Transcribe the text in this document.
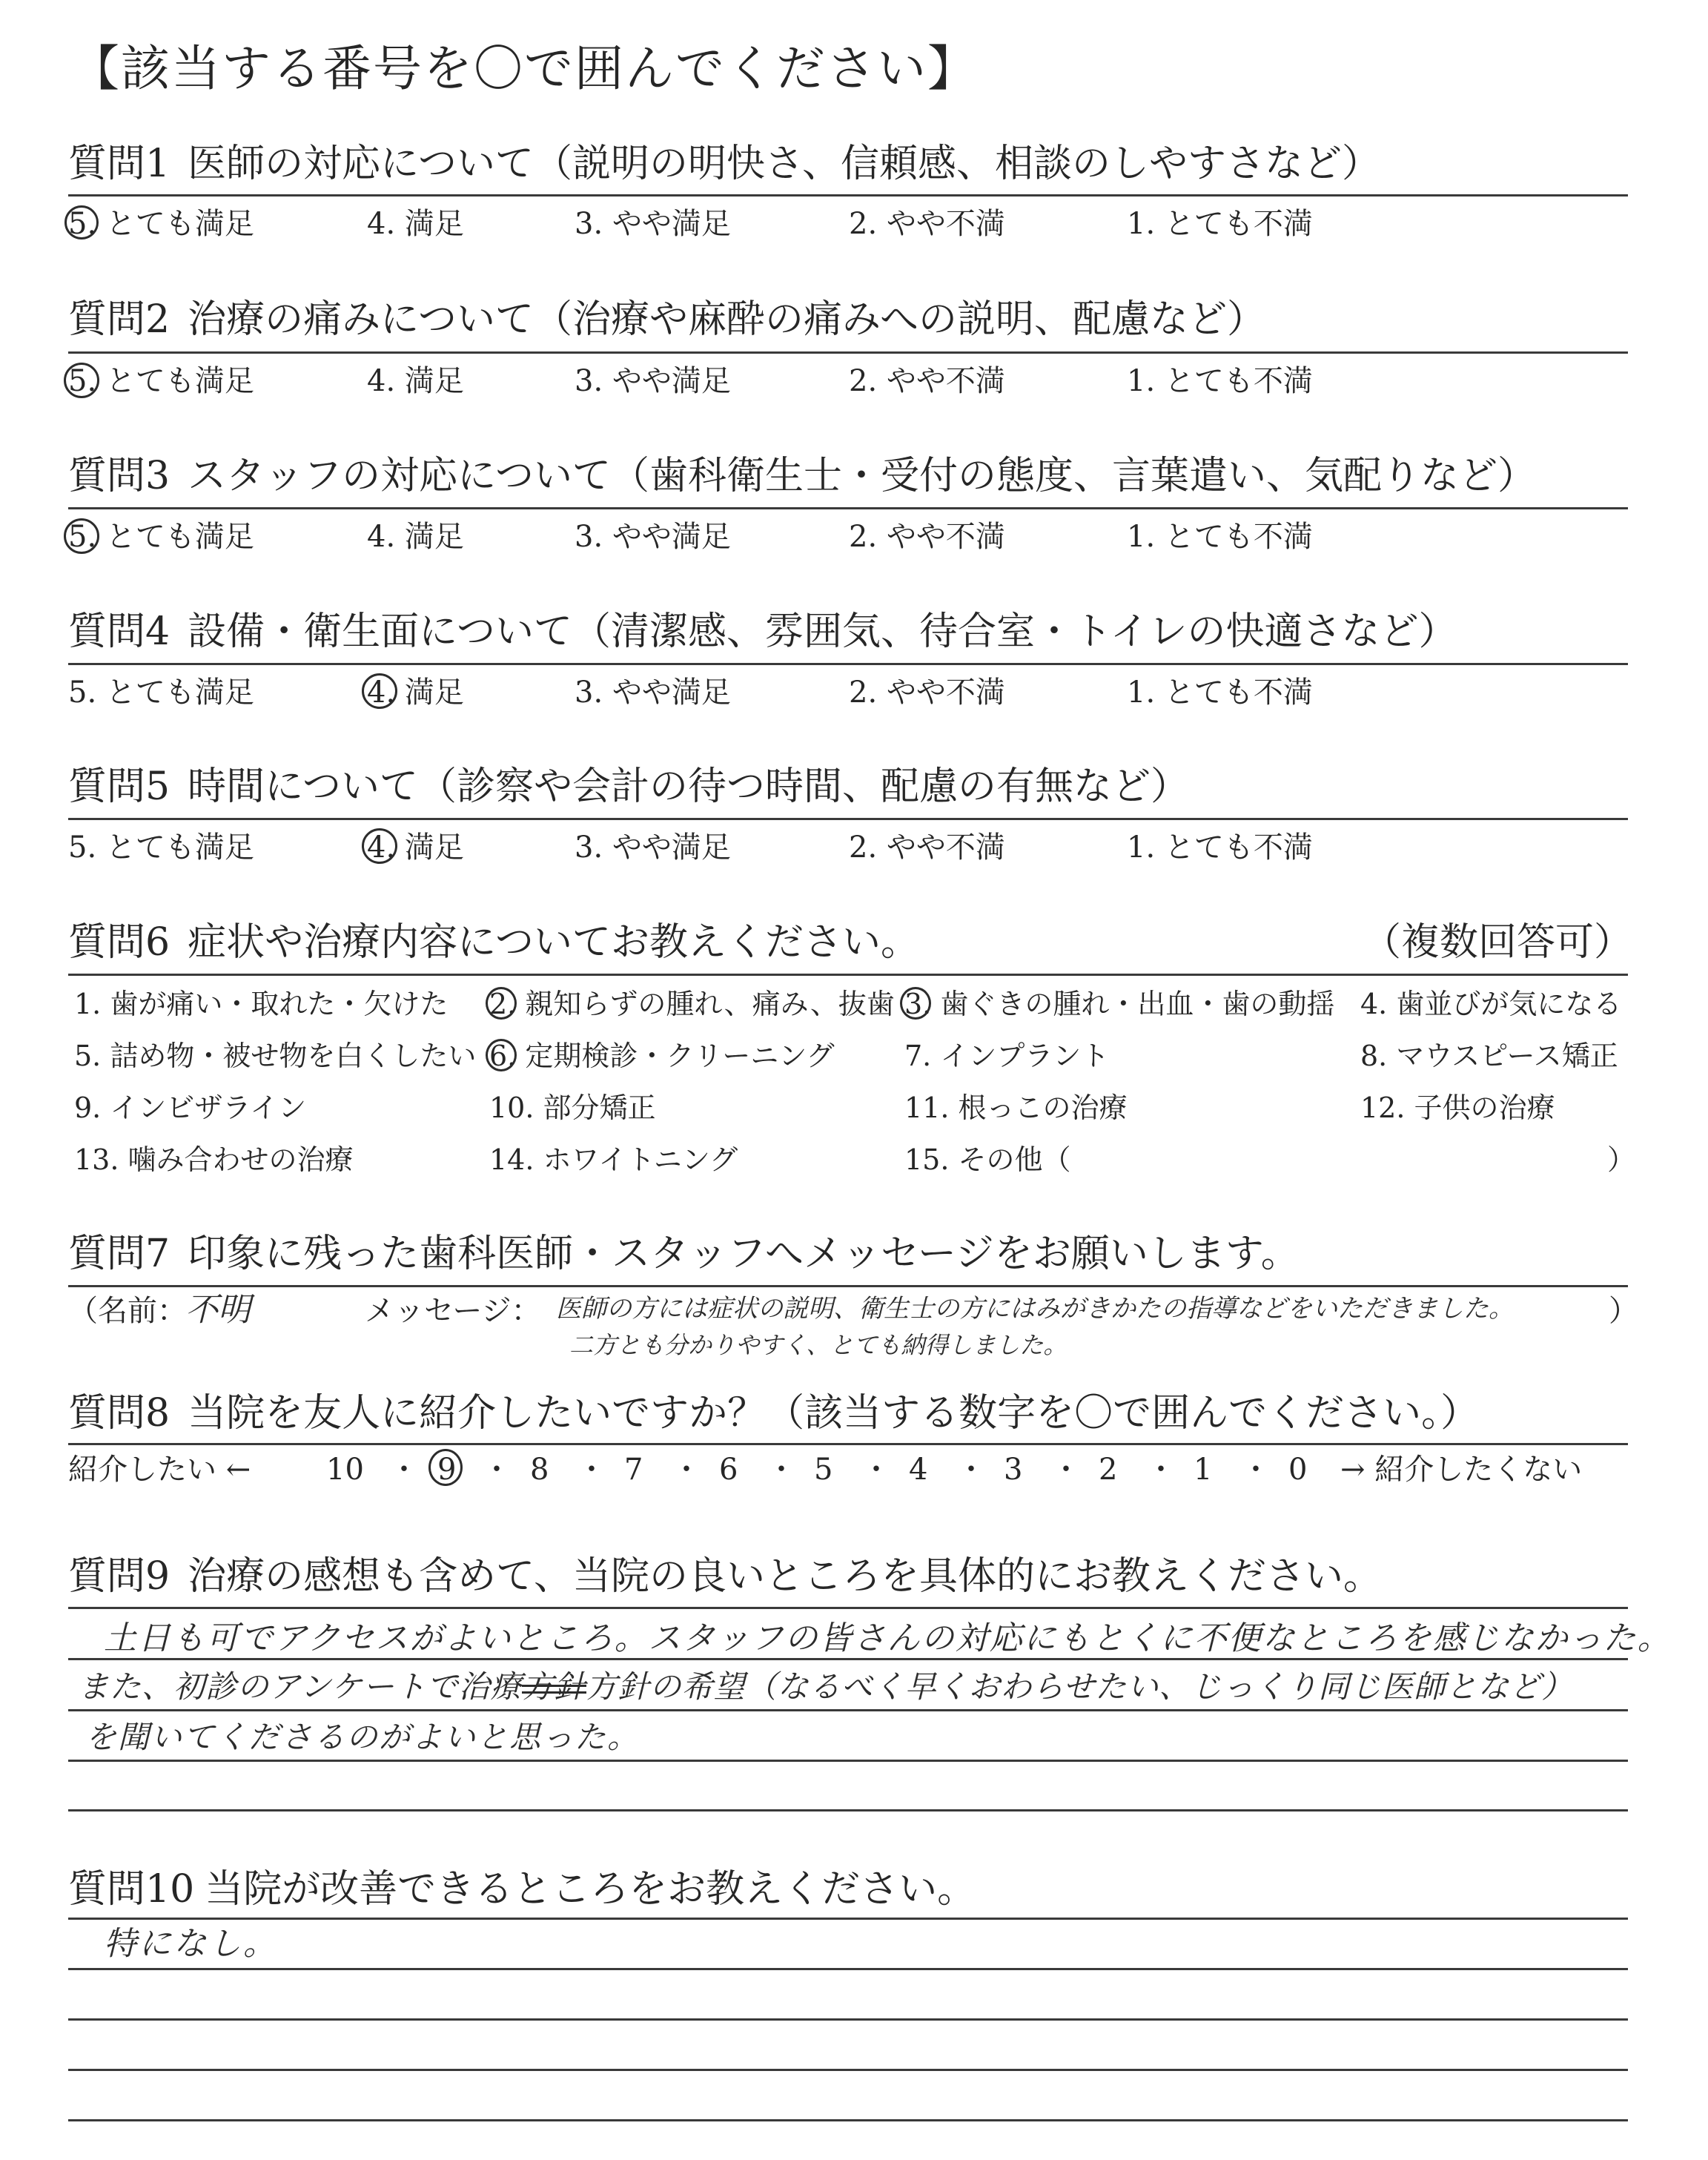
【該当する番号を〇で囲んでください】
質問1 医師の対応について（説明の明快さ、信頼感、相談のしやすさなど）
5. とても満足	4. 満足	3. やや満足	2. やや不満	1. とても不満
質問2 治療の痛みについて（治療や麻酔の痛みへの説明、配慮など）
5. とても満足	4. 満足	3. やや満足	2. やや不満	1. とても不満
質問3 スタッフの対応について（歯科衛生士・受付の態度、言葉遣い、気配りなど）
5. とても満足	4. 満足	3. やや満足	2. やや不満	1. とても不満
質問4 設備・衛生面について（清潔感、雰囲気、待合室・トイレの快適さなど）
5. とても満足	4. 満足	3. やや満足	2. やや不満	1. とても不満
質問5 時間について（診察や会計の待つ時間、配慮の有無など）
5. とても満足	4. 満足	3. やや満足	2. やや不満	1. とても不満
質問6 症状や治療内容についてお教えください。	（複数回答可）
1. 歯が痛い・取れた・欠けた 2. 親知らずの腫れ、痛み、抜歯 3. 歯ぐきの腫れ・出血・歯の動揺 4. 歯並びが気になる
5. 詰め物・被せ物を白くしたい 6. 定期検診・クリーニング 7. インプラント	8. マウスピース矯正
9. インビザライン	10. 部分矯正	11. 根っこの治療	12. 子供の治療
13. 噛み合わせの治療	14. ホワイトニング	15. その他（	）
質問7 印象に残った歯科医師・スタッフへメッセージをお願いします。
（名前：
不明	メッセージ： 医師の方には症状の説明、衛生士の方にはみがきかたの指導などをいただきました。
二方とも分かりやすく、とても納得しました。
）
質問8 当院を友人に紹介したいですか？（該当する数字を〇で囲んでください。）
紹介したい ←	10 ・ 9 ・ 8 ・ 7 ・ 6 ・ 5 ・ 4 ・ 3 ・ 2 ・ 1 ・ 0 → 紹介したくない
質問9 治療の感想も含めて、当院の良いところを具体的にお教えください。
土日も可でアクセスがよいところ。スタッフの皆さんの対応にもとくに不便なところを感じなかった。
また、初診のアンケートで治療 方針の希望（なるべく早くおわらせたい、じっくり同じ医師となど）
を聞いてくださるのがよいと思った。
質問10 当院が改善できるところをお教えください。
特になし。
